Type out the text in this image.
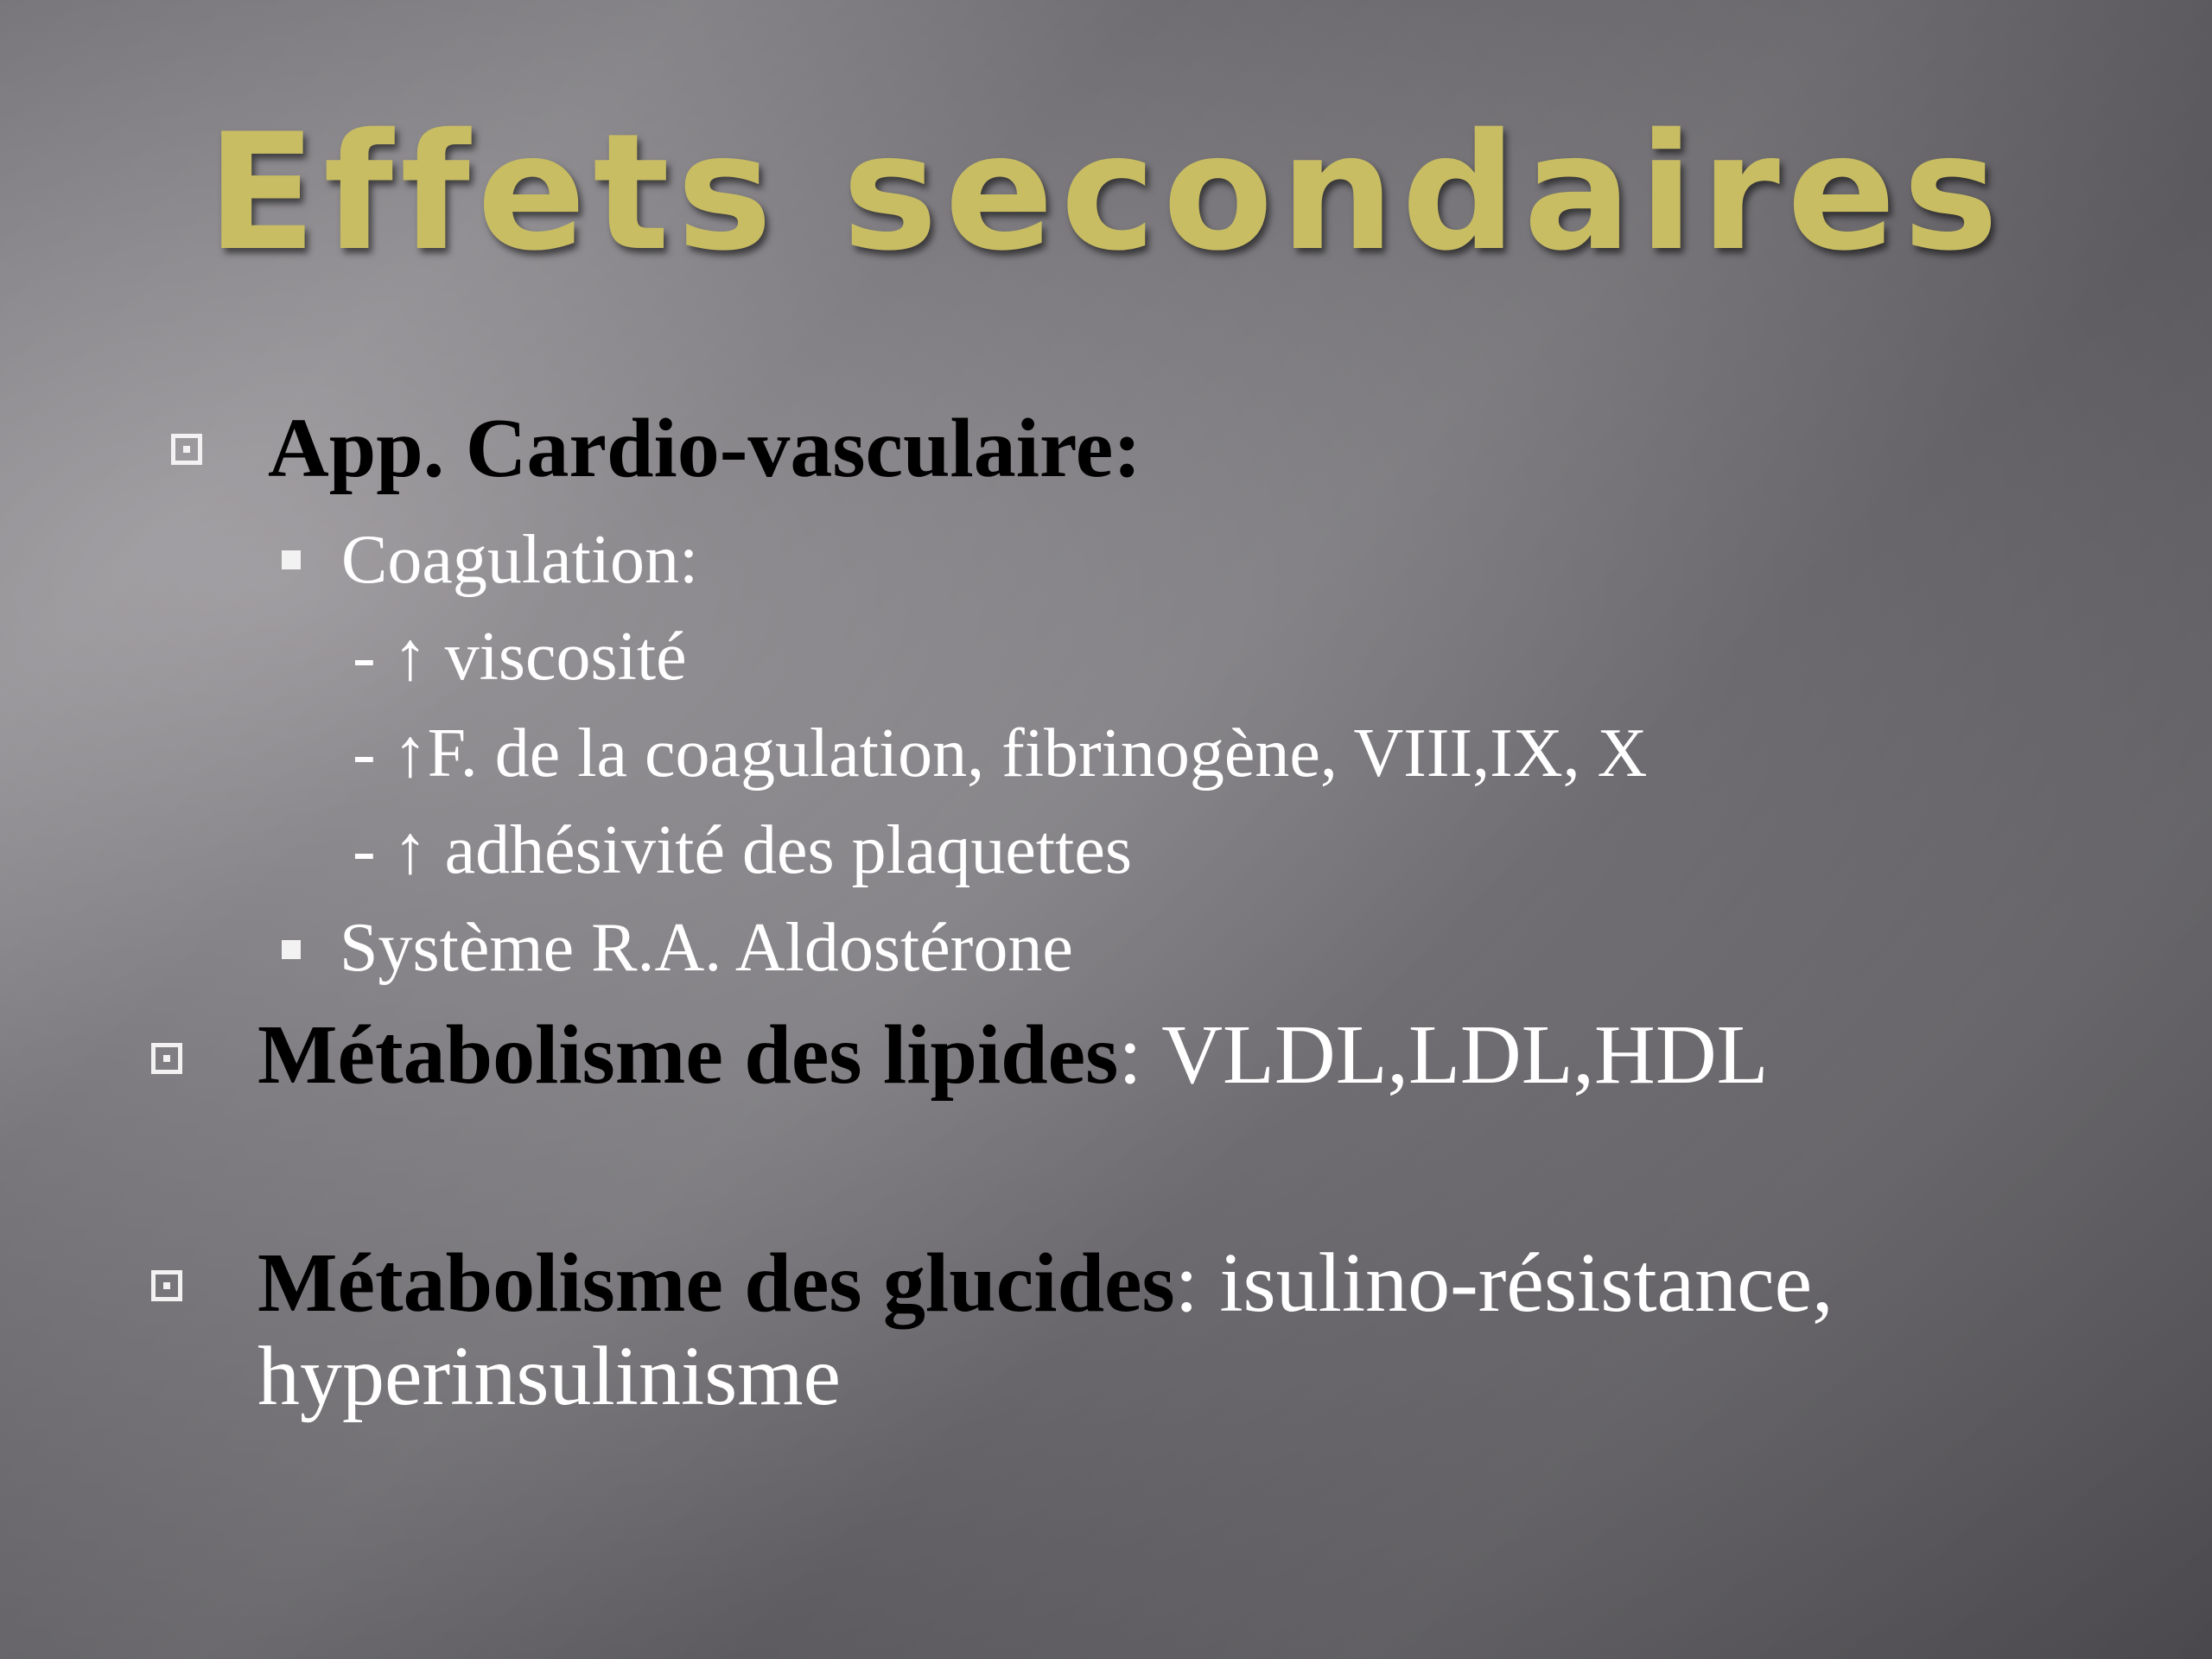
Effets secondaires
App. Cardio-vasculaire:
Coagulation:
- ↑ viscosité
- ↑F. de la coagulation, fibrinogène, VIII,IX, X
- ↑ adhésivité des plaquettes
Système R.A. Aldostérone
Métabolisme des lipides: VLDL,LDL,HDL
Métabolisme des glucides: isulino-résistance,
hyperinsulinisme
